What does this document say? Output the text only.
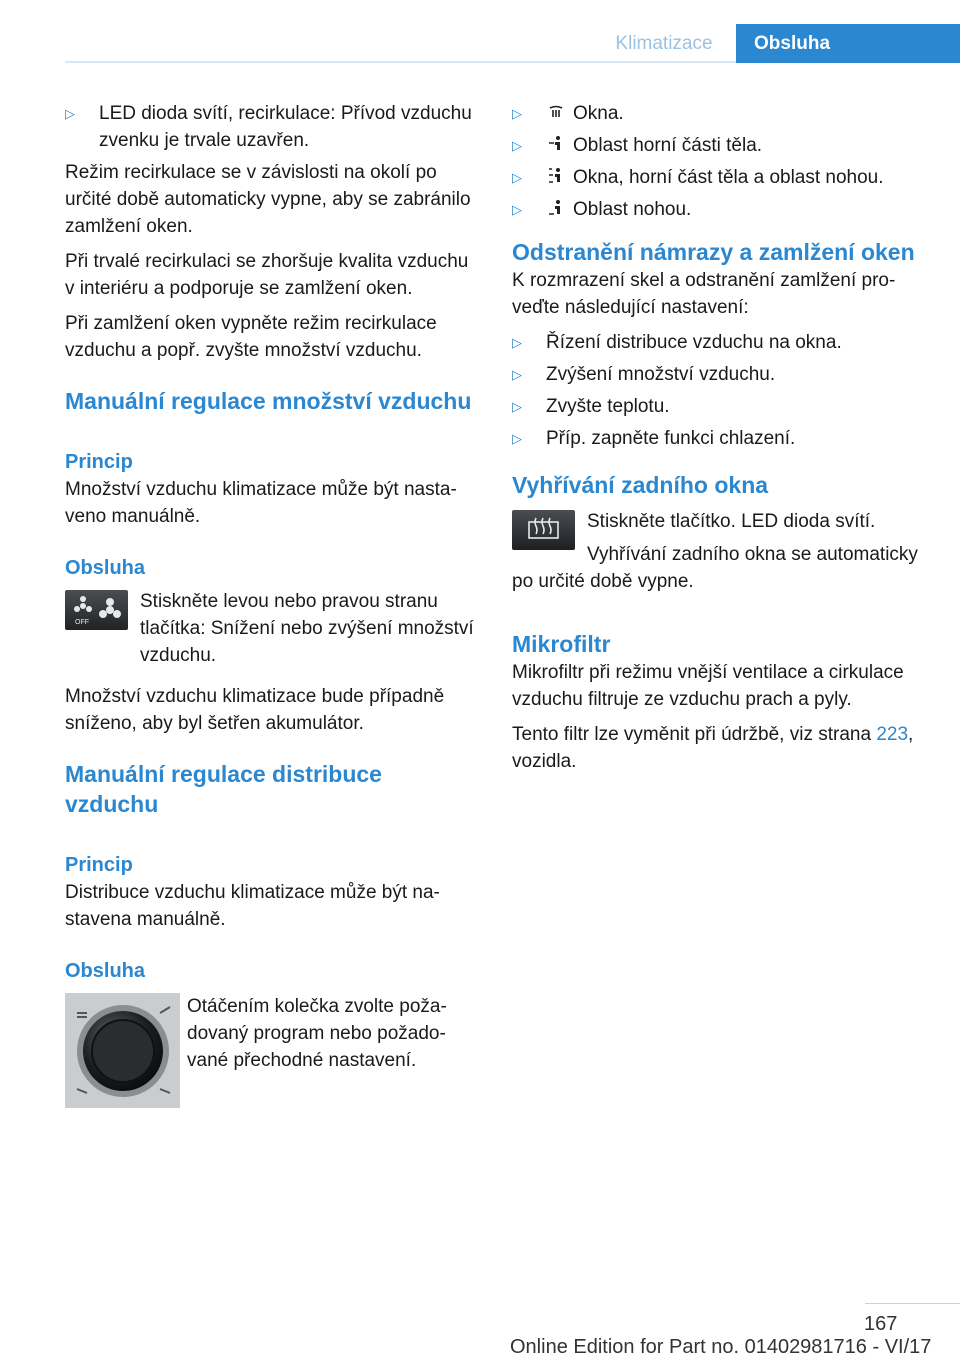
Klimatizace	Obsluha

▷ LED dioda svítí, recirkulace: Přívod vzduchu zvenku je trvale uzavřen.

Režim recirkulace se v závislosti na okolí po určité době automaticky vypne, aby se zabránilo zamlžení oken.

Při trvalé recirkulaci se zhoršuje kvalita vzduchu v interiéru a podporuje se zamlžení oken.

Při zamlžení oken vypněte režim recirkulace vzduchu a popř. zvyšte množství vzduchu.

Manuální regulace množství vzduchu
Princip

Množství vzduchu klimatizace může být nastaveno manuálně.

Obsluha
OFF

Stiskněte levou nebo pravou stranu tlačítka: Snížení nebo zvýšení množství vzduchu.

Množství vzduchu klimatizace bude případně sníženo, aby byl šetřen akumulátor.

Manuální regulace distribuce vzduchu
Princip

Distribuce vzduchu klimatizace může být nastavena manuálně.

Obsluha

Otáčením kolečka zvolte požadovaný program nebo požadované přechodné nastavení.

▷	Okna.

▷	Oblast horní části těla.

▷	Okna, horní část těla a oblast nohou.

▷	Oblast nohou.

Odstranění námrazy a zamlžení oken

K rozmrazení skel a odstranění zamlžení proveďte následující nastavení:

▷ Řízení distribuce vzduchu na okna.

▷ Zvýšení množství vzduchu.

▷ Zvyšte teplotu.

▷ Příp. zapněte funkci chlazení.

Vyhřívání zadního okna

Stiskněte tlačítko. LED dioda svítí.

Vyhřívání zadního okna se automaticky po určité době vypne.

Mikrofiltr

Mikrofiltr při režimu vnější ventilace a cirkulace vzduchu filtruje ze vzduchu prach a pyly.

Tento filtr lze vyměnit při údržbě, viz strana 223, vozidla.

167
Online Edition for Part no. 01402981716 - VI/17
